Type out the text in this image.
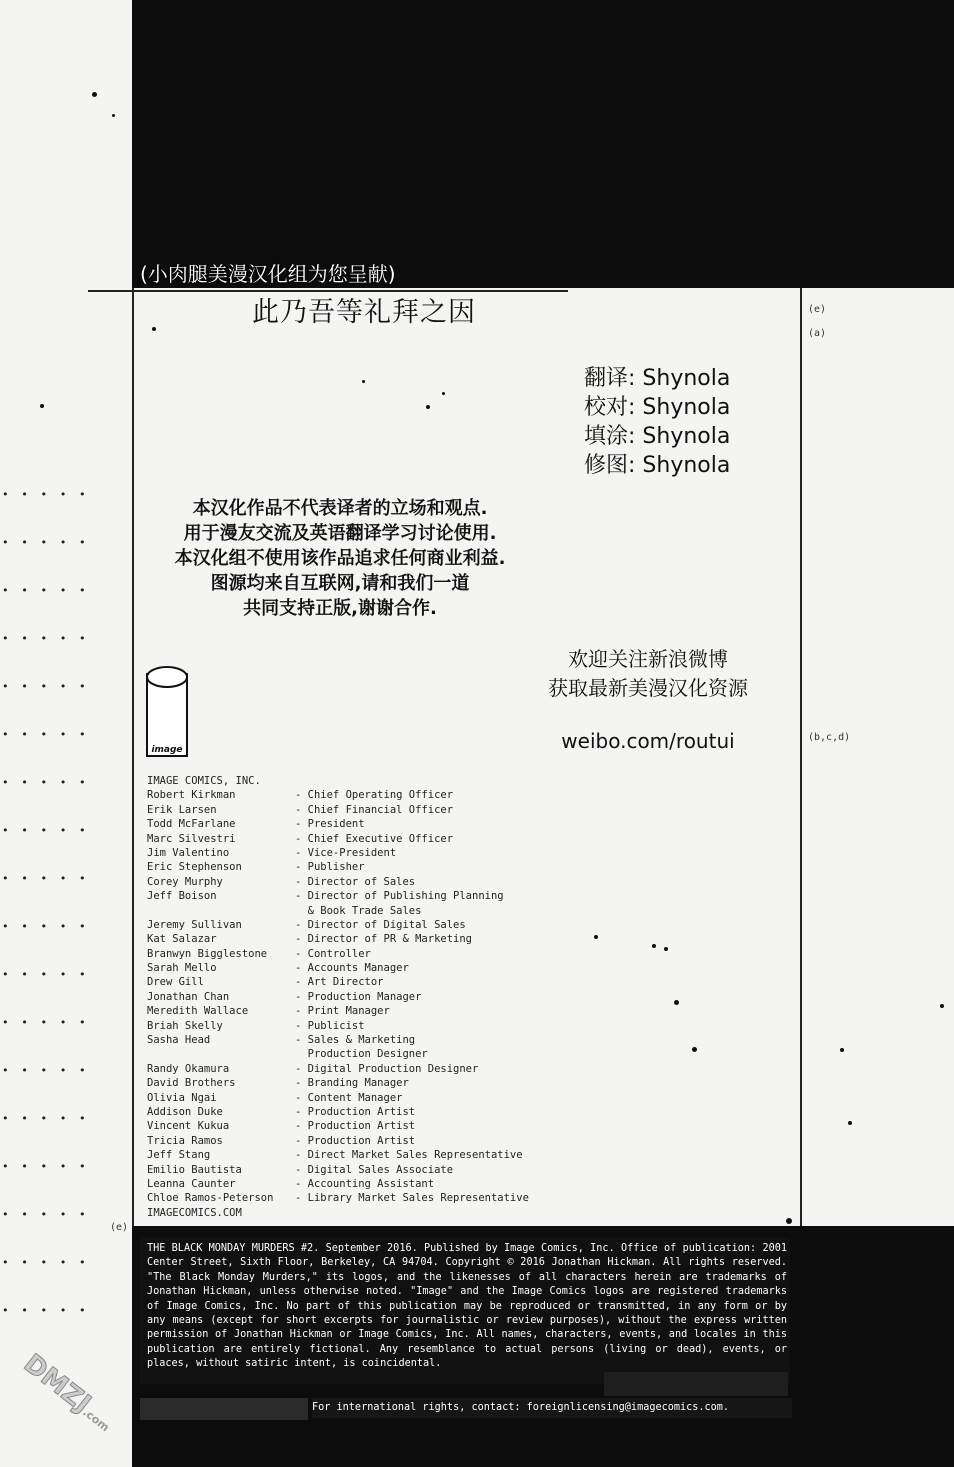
• • • • •
• • • • •
• • • • •
• • • • •
• • • • •
• • • • •
• • • • •
• • • • •
• • • • •
• • • • •
• • • • •
• • • • •
• • • • •
• • • • •
• • • • •
• • • • •
• • • • •
• • • • •
(e)
(a)
(b,c,d)
(e)
(小肉腿美漫汉化组为您呈献)
此乃吾等礼拜之因
翻译: Shynola
校对: Shynola
填涂: Shynola
修图: Shynola
本汉化作品不代表译者的立场和观点.
用于漫友交流及英语翻译学习讨论使用.
本汉化组不使用该作品追求任何商业利益.
图源均来自互联网,请和我们一道
共同支持正版,谢谢合作.
欢迎关注新浪微博
获取最新美漫汉化资源
weibo.com/routui
image
IMAGE COMICS, INC.
Robert Kirkman	- Chief Operating Officer
Erik Larsen	- Chief Financial Officer
Todd McFarlane	- President
Marc Silvestri	- Chief Executive Officer
Jim Valentino	- Vice-President
Eric Stephenson	- Publisher
Corey Murphy	- Director of Sales
Jeff Boison	- Director of Publishing Planning
& Book Trade Sales
Jeremy Sullivan	- Director of Digital Sales
Kat Salazar	- Director of PR & Marketing
Branwyn Bigglestone	- Controller
Sarah Mello	- Accounts Manager
Drew Gill	- Art Director
Jonathan Chan	- Production Manager
Meredith Wallace	- Print Manager
Briah Skelly	- Publicist
Sasha Head	- Sales & Marketing
Production Designer
Randy Okamura	- Digital Production Designer
David Brothers	- Branding Manager
Olivia Ngai	- Content Manager
Addison Duke	- Production Artist
Vincent Kukua	- Production Artist
Tricia Ramos	- Production Artist
Jeff Stang	- Direct Market Sales Representative
Emilio Bautista	- Digital Sales Associate
Leanna Caunter	- Accounting Assistant
Chloe Ramos-Peterson - Library Market Sales Representative
IMAGECOMICS.COM
THE BLACK MONDAY MURDERS #2. September 2016. Published by Image Comics, Inc. Office of publication: 2001 Center Street, Sixth Floor, Berkeley, CA 94704. Copyright © 2016 Jonathan Hickman. All rights reserved. "The Black Monday Murders," its logos, and the likenesses of all characters herein are trademarks of Jonathan Hickman, unless otherwise noted. "Image" and the Image Comics logos are registered trademarks of Image Comics, Inc. No part of this publication may be reproduced or transmitted, in any form or by any means (except for short excerpts for journalistic or review purposes), without the express written permission of Jonathan Hickman or Image Comics, Inc. All names, characters, events, and locales in this publication are entirely fictional. Any resemblance to actual persons (living or dead), events, or places, without satiric intent, is coincidental.
For international rights, contact: foreignlicensing@imagecomics.com.
DMZJ.com
